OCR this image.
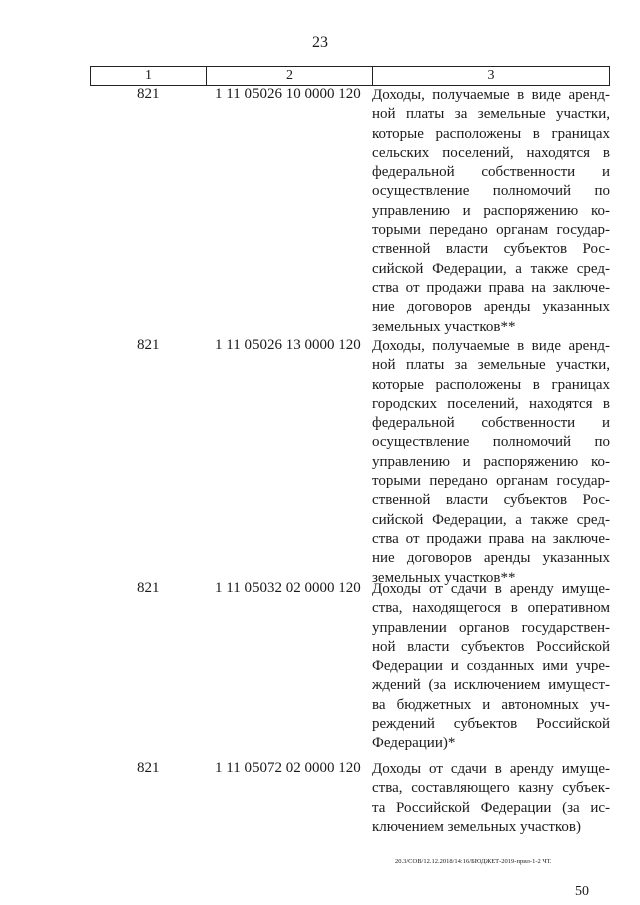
23
1	2	3
821	1 11 05026 10 0000 120 Доходы, получаемые в виде аренд-
ной платы за земельные участки,
которые расположены в границах
сельских поселений, находятся в
федеральной собственности и
осуществление полномочий по
управлению и распоряжению ко-
торыми передано органам государ-
ственной власти субъектов Рос-
сийской Федерации, а также сред-
ства от продажи права на заключе-
ние договоров аренды указанных
земельных участков**
821	1 11 05026 13 0000 120 Доходы, получаемые в виде аренд-
ной платы за земельные участки,
которые расположены в границах
городских поселений, находятся в
федеральной собственности и
осуществление полномочий по
управлению и распоряжению ко-
торыми передано органам государ-
ственной власти субъектов Рос-
сийской Федерации, а также сред-
ства от продажи права на заключе-
ние договоров аренды указанных
земельных участков**
821	1 11 05032 02 0000 120 Доходы от сдачи в аренду имуще-
ства, находящегося в оперативном
управлении органов государствен-
ной власти субъектов Российской
Федерации и созданных ими учре-
ждений (за исключением имущест-
ва бюджетных и автономных уч-
реждений субъектов Российской
Федерации)*
821	1 11 05072 02 0000 120 Доходы от сдачи в аренду имуще-
ства, составляющего казну субъек-
та Российской Федерации (за ис-
ключением земельных участков)
20.3/СОВ/12.12.2018/14:16/БЮДЖЕТ-2019-прил-1-2 ЧТ.
50
